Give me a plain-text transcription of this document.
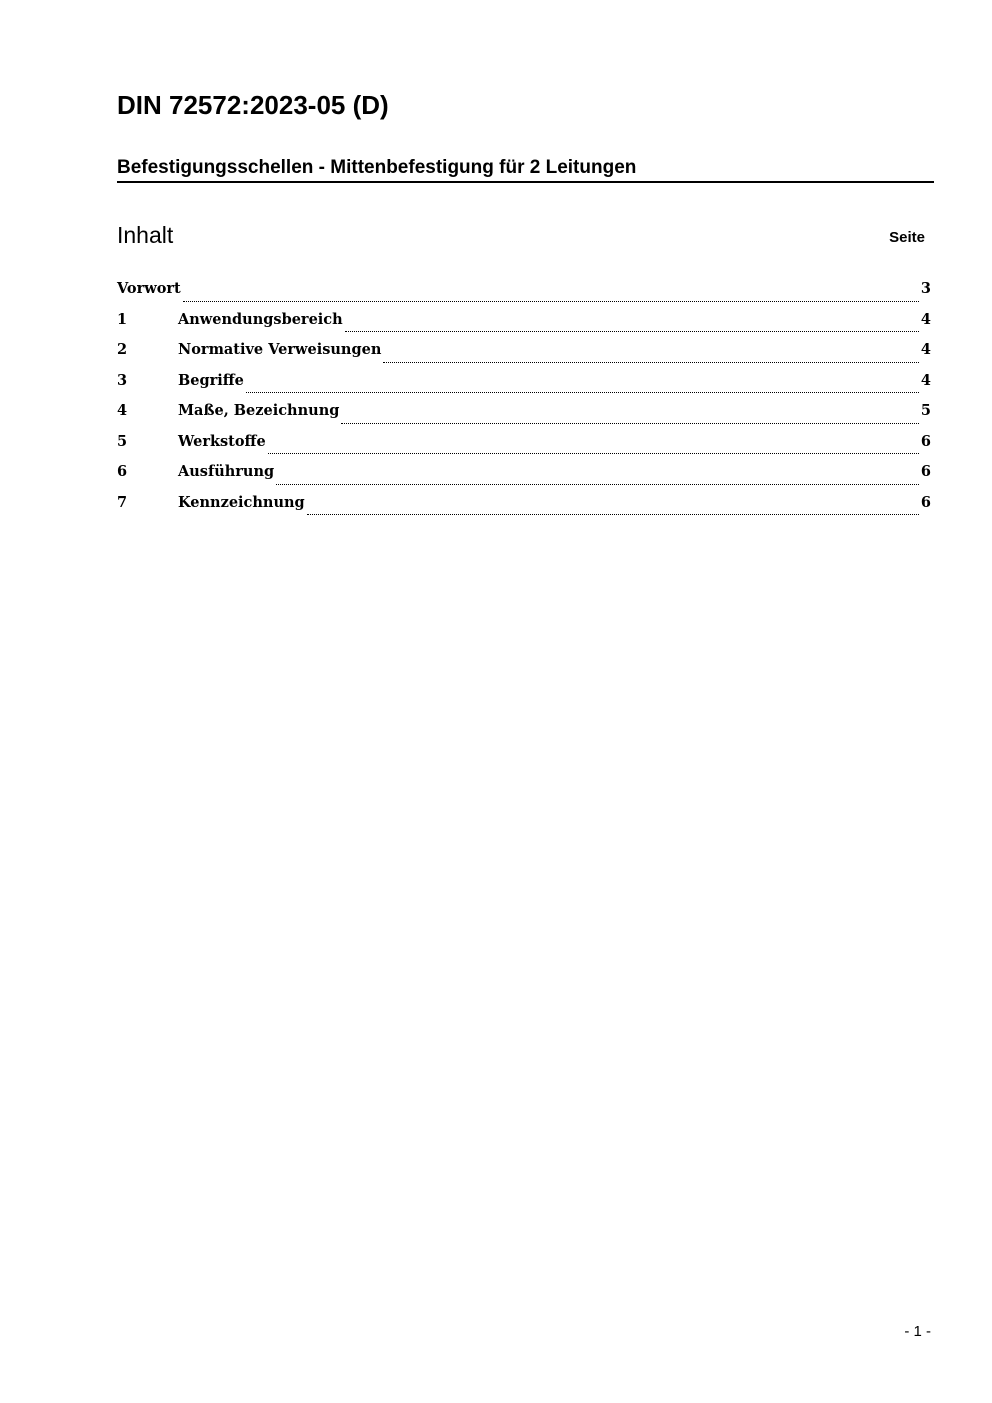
DIN 72572:2023-05 (D)
Befestigungsschellen - Mittenbefestigung für 2 Leitungen
Inhalt	Seite
Vorwort	3
1	Anwendungsbereich	4
2	Normative Verweisungen	4
3	Begriffe	4
4	Maße, Bezeichnung	5
5	Werkstoffe	6
6	Ausführung	6
7	Kennzeichnung	6
- 1 -
